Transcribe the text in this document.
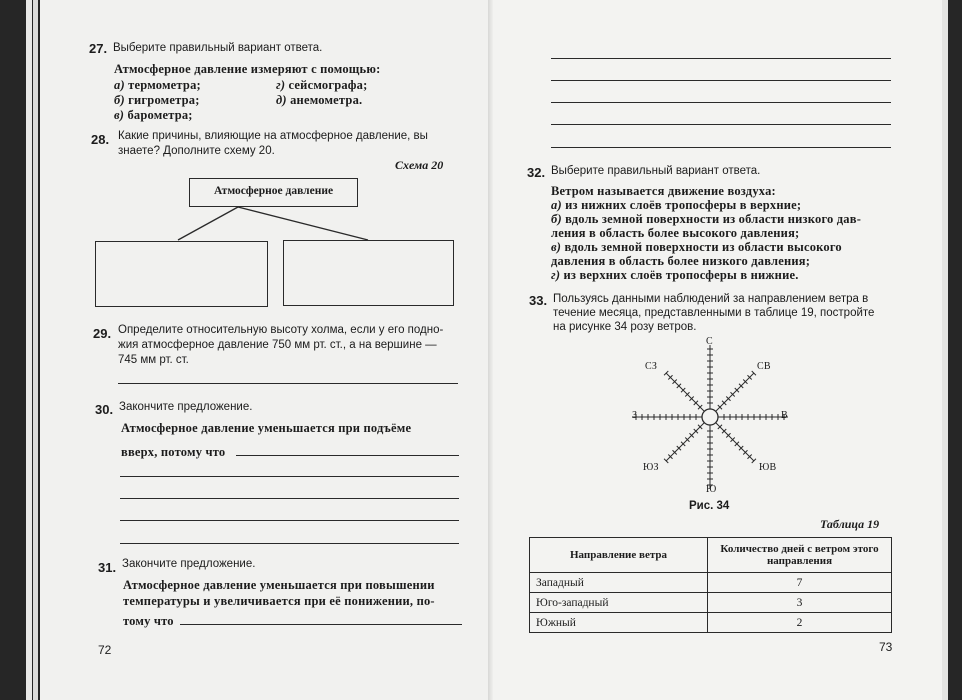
27. Выберите правильный вариант ответа.
Атмосферное давление измеряют с помощью:
а) термометра;
б) гигрометра;
в) барометра;
г) сейсмографа;
д) анемометра.
28. Какие причины, влияющие на атмосферное давление, вы
знаете? Дополните схему 20.
Схема 20
Атмосферное давление
29. Определите относительную высоту холма, если у его подно-
жия атмосферное давление 750 мм рт. ст., а на вершине —
745 мм рт. ст.
30. Закончите предложение.
Атмосферное давление уменьшается при подъёме
вверх, потому что
31. Закончите предложение.
Атмосферное давление уменьшается при повышении
температуры и увеличивается при её понижении, по-
тому что
72
32. Выберите правильный вариант ответа.
Ветром называется движение воздуха:
а) из нижних слоёв тропосферы в верхние;
б) вдоль земной поверхности из области низкого дав-
ления в область более высокого давления;
в) вдоль земной поверхности из области высокого
давления в область более низкого давления;
г) из верхних слоёв тропосферы в нижние.
33. Пользуясь данными наблюдений за направлением ветра в
течение месяца, представленными в таблице 19, постройте
на рисунке 34 розу ветров.
С
Ю
З	В
СЗ	СВ
ЮЗ	ЮВ
Рис. 34
Таблица 19
Направление ветра	Количество дней с ветром этого направления
Западный	7
Юго-западный	3
Южный	2
73
